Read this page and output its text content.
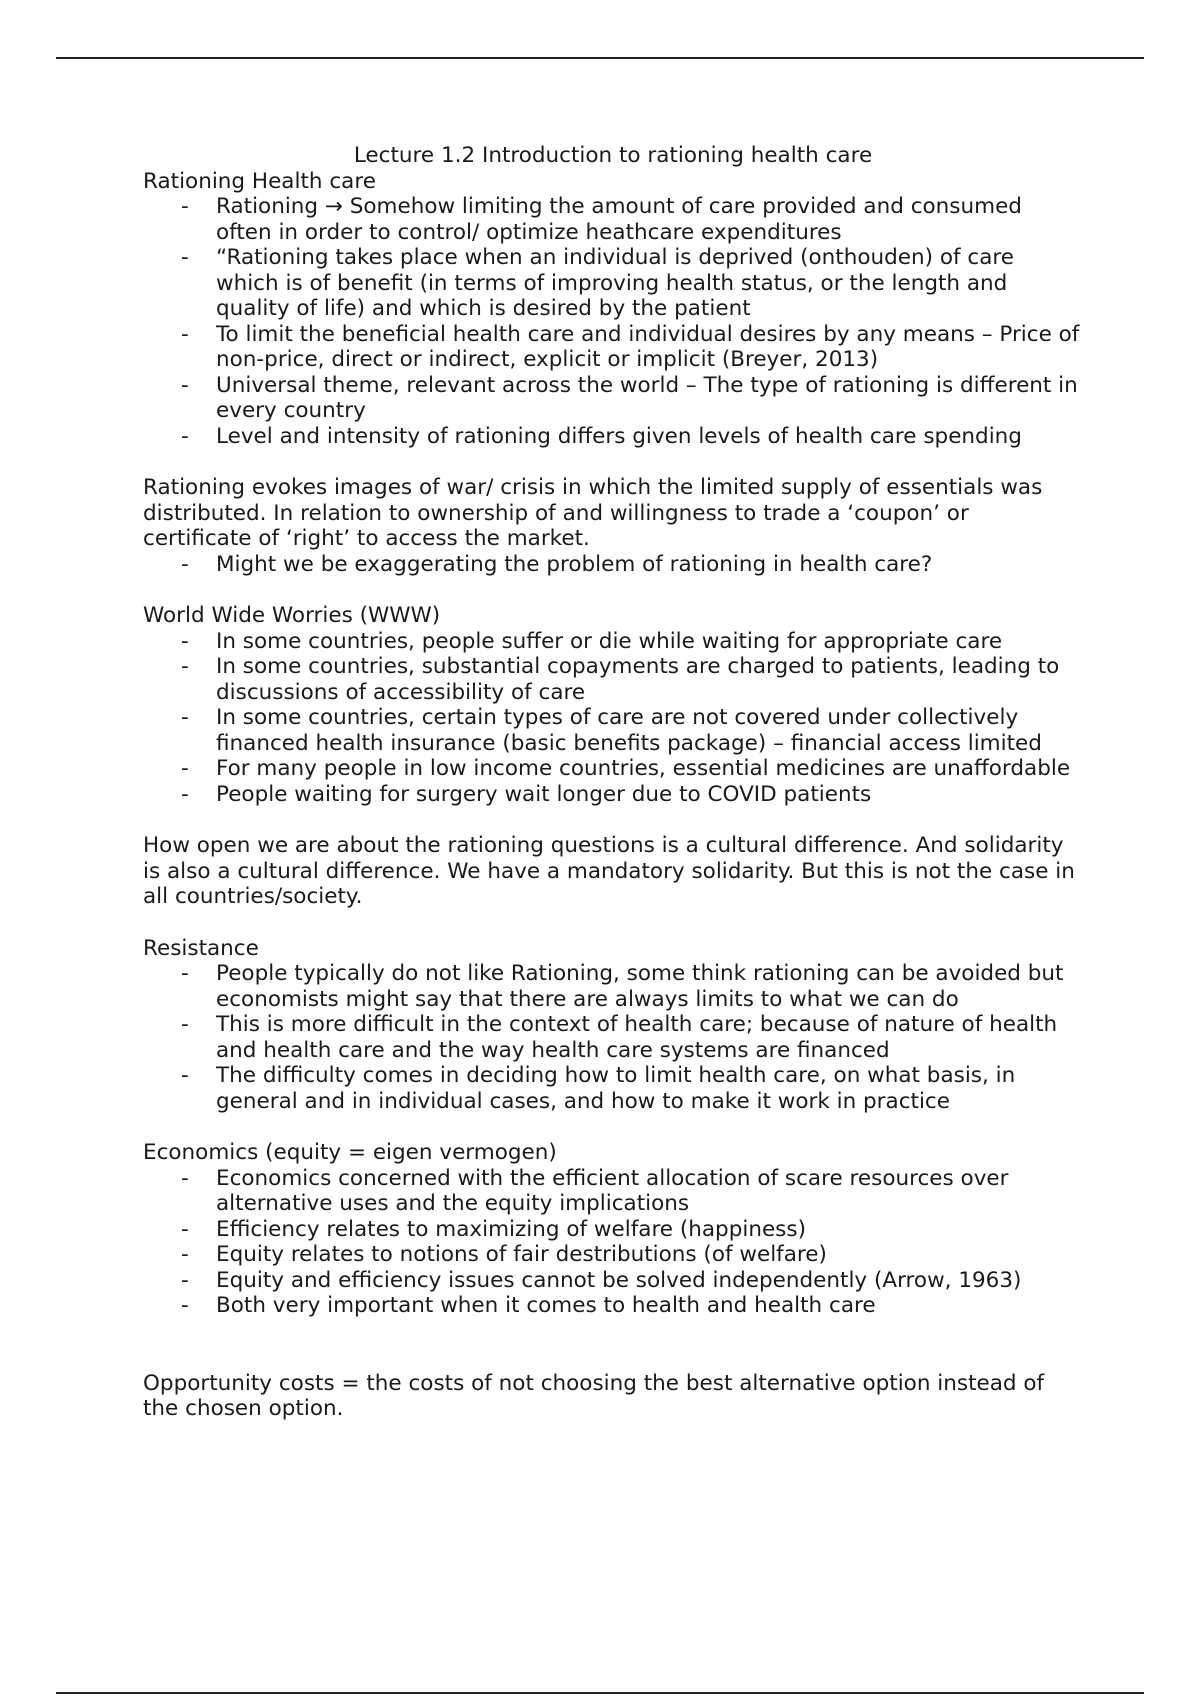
Lecture 1.2 Introduction to rationing health care
Rationing Health care
- Rationing → Somehow limiting the amount of care provided and consumed often in order to control/ optimize heathcare expenditures
- “Rationing takes place when an individual is deprived (onthouden) of care which is of benefit (in terms of improving health status, or the length and quality of life) and which is desired by the patient
- To limit the beneficial health care and individual desires by any means – Price of non-price, direct or indirect, explicit or implicit (Breyer, 2013)
- Universal theme, relevant across the world – The type of rationing is different in every country
- Level and intensity of rationing differs given levels of health care spending

Rationing evokes images of war/ crisis in which the limited supply of essentials was distributed. In relation to ownership of and willingness to trade a ‘coupon’ or certificate of ‘right’ to access the market.

- Might we be exaggerating the problem of rationing in health care?
World Wide Worries (WWW)
- In some countries, people suffer or die while waiting for appropriate care
- In some countries, substantial copayments are charged to patients, leading to discussions of accessibility of care
- In some countries, certain types of care are not covered under collectively financed health insurance (basic benefits package) – financial access limited
- For many people in low income countries, essential medicines are unaffordable
- People waiting for surgery wait longer due to COVID patients

How open we are about the rationing questions is a cultural difference. And solidarity is also a cultural difference. We have a mandatory solidarity. But this is not the case in all countries/society.

Resistance
- People typically do not like Rationing, some think rationing can be avoided but economists might say that there are always limits to what we can do
- This is more difficult in the context of health care; because of nature of health and health care and the way health care systems are financed
- The difficulty comes in deciding how to limit health care, on what basis, in general and in individual cases, and how to make it work in practice
Economics (equity = eigen vermogen)
- Economics concerned with the efficient allocation of scare resources over alternative uses and the equity implications
- Efficiency relates to maximizing of welfare (happiness)
- Equity relates to notions of fair destributions (of welfare)
- Equity and efficiency issues cannot be solved independently (Arrow, 1963)
- Both very important when it comes to health and health care

Opportunity costs = the costs of not choosing the best alternative option instead of the chosen option.
